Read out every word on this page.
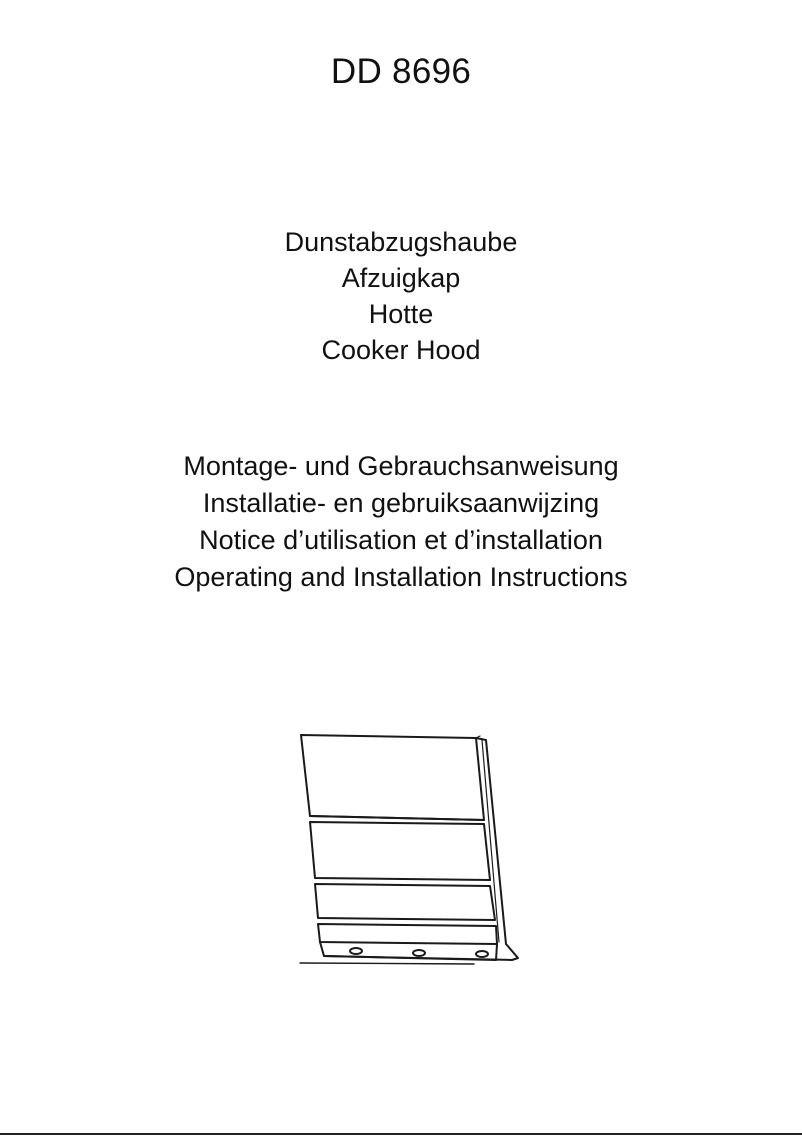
DD 8696
Dunstabzugshaube
Afzuigkap
Hotte
Cooker Hood
Montage- und Gebrauchsanweisung
Installatie- en gebruiksaanwijzing
Notice d’utilisation et d’installation
Operating and Installation Instructions
